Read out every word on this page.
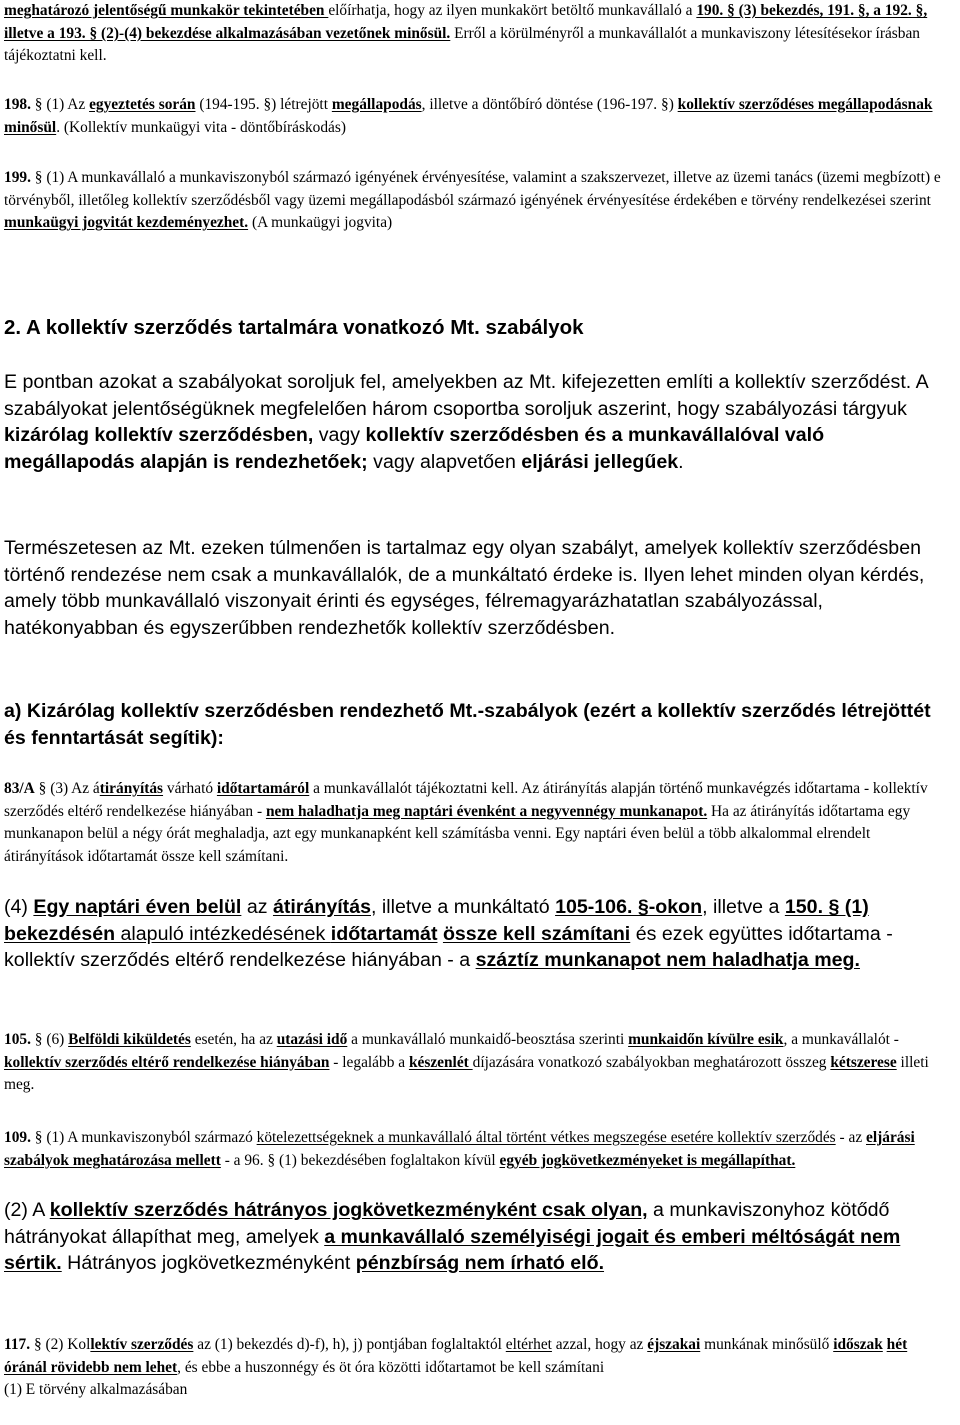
meghatározó jelentőségű munkakör tekintetében előírhatja, hogy az ilyen munkakört betöltő munkavállaló a 190. § (3) bekezdés, 191. §, a 192. §, illetve a 193. § (2)-(4) bekezdése alkalmazásában vezetőnek minősül. Erről a körülményről a munkavállalót a munkaviszony létesítésekor írásban tájékoztatni kell.

198. § (1) Az egyeztetés során (194-195. §) létrejött megállapodás, illetve a döntőbíró döntése (196-197. §) kollektív szerződéses megállapodásnak minősül. (Kollektív munkaügyi vita - döntőbíráskodás)

199. § (1) A munkavállaló a munkaviszonyból származó igényének érvényesítése, valamint a szakszervezet, illetve az üzemi tanács (üzemi megbízott) e törvényből, illetőleg kollektív szerződésből vagy üzemi megállapodásból származó igényének érvényesítése érdekében e törvény rendelkezései szerint munkaügyi jogvitát kezdeményezhet. (A munkaügyi jogvita)

2. A kollektív szerződés tartalmára vonatkozó Mt. szabályok

E pontban azokat a szabályokat soroljuk fel, amelyekben az Mt. kifejezetten említi a kollektív szerződést. A szabályokat jelentőségüknek megfelelően három csoportba soroljuk aszerint, hogy szabályozási tárgyuk kizárólag kollektív szerződésben, vagy kollektív szerződésben és a munkavállalóval való megállapodás alapján is rendezhetőek; vagy alapvetően eljárási jellegűek.

Természetesen az Mt. ezeken túlmenően is tartalmaz egy olyan szabályt, amelyek kollektív szerződésben történő rendezése nem csak a munkavállalók, de a munkáltató érdeke is. Ilyen lehet minden olyan kérdés, amely több munkavállaló viszonyait érinti és egységes, félremagyarázhatatlan szabályozással, hatékonyabban és egyszerűbben rendezhetők kollektív szerződésben.
a) Kizárólag kollektív szerződésben rendezhető Mt.-szabályok (ezért a kollektív szerződés létrejöttét és fenntartását segítik):

83/A § (3) Az átirányítás várható időtartamáról a munkavállalót tájékoztatni kell. Az átirányítás alapján történő munkavégzés időtartama - kollektív szerződés eltérő rendelkezése hiányában - nem haladhatja meg naptári évenként a negyvennégy munkanapot. Ha az átirányítás időtartama egy munkanapon belül a négy órát meghaladja, azt egy munkanapként kell számításba venni. Egy naptári éven belül a több alkalommal elrendelt átirányítások időtartamát össze kell számítani.

(4) Egy naptári éven belül az átirányítás, illetve a munkáltató 105-106. §-okon, illetve a 150. § (1) bekezdésén alapuló intézkedésének időtartamát össze kell számítani és ezek együttes időtartama - kollektív szerződés eltérő rendelkezése hiányában - a száztíz munkanapot nem haladhatja meg.

105. § (6) Belföldi kiküldetés esetén, ha az utazási idő a munkavállaló munkaidő-beosztása szerinti munkaidőn kívülre esik, a munkavállalót - kollektív szerződés eltérő rendelkezése hiányában - legalább a készenlét díjazására vonatkozó szabályokban meghatározott összeg kétszerese illeti meg.

109. § (1) A munkaviszonyból származó kötelezettségeknek a munkavállaló által történt vétkes megszegése esetére kollektív szerződés - az eljárási szabályok meghatározása mellett - a 96. § (1) bekezdésében foglaltakon kívül egyéb jogkövetkezményeket is megállapíthat.

(2) A kollektív szerződés hátrányos jogkövetkezményként csak olyan, a munkaviszonyhoz kötődő hátrányokat állapíthat meg, amelyek a munkavállaló személyiségi jogait és emberi méltóságát nem sértik. Hátrányos jogkövetkezményként pénzbírság nem írható elő.

117. § (2) Kollektív szerződés az (1) bekezdés d)-f), h), j) pontjában foglaltaktól eltérhet azzal, hogy az éjszakai munkának minősülő időszak hét óránál rövidebb nem lehet, és ebbe a huszonnégy és öt óra közötti időtartamot be kell számítani

(1) E törvény alkalmazásában
